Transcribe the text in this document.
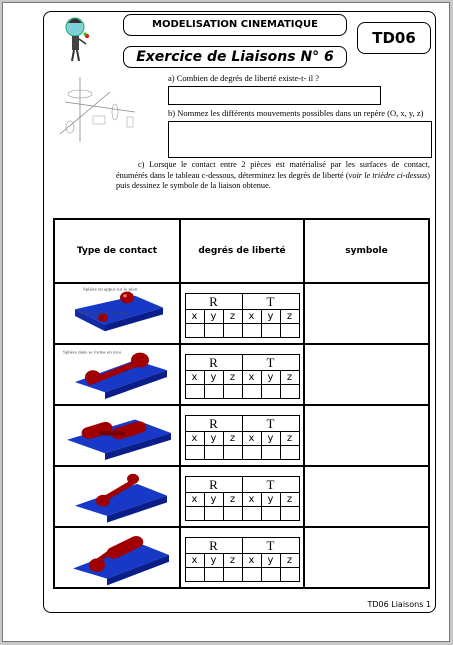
MODELISATION CINEMATIQUE
Exercice de Liaisons N° 6
TD06
a) Combien de degrés de liberté existe-t- il ?
b) Nommez les différents mouvements possibles dans un repère (O, x, y, z)
c) Lorsque le contact entre 2 pièces est matérialisé par les surfaces de contact, énumérés dans le tableau c-dessous, déterminez les degrés de liberté (voir le trièdre ci-dessus) puis dessinez le symbole de la liaison obtenue.
Type de contact	degrés de liberté	symbole

Sphère en appui sur le plan
Sphère dans un forme en

R	T
x	y	z	x	y	z

Sphère dans se forme en trou

R	T
x	y	z	x	y	z

R	T
x	y	z	x	y	z

R	T
x	y	z	x	y	z

R	T
x	y	z	x	y	z

TD06 Liaisons 1
